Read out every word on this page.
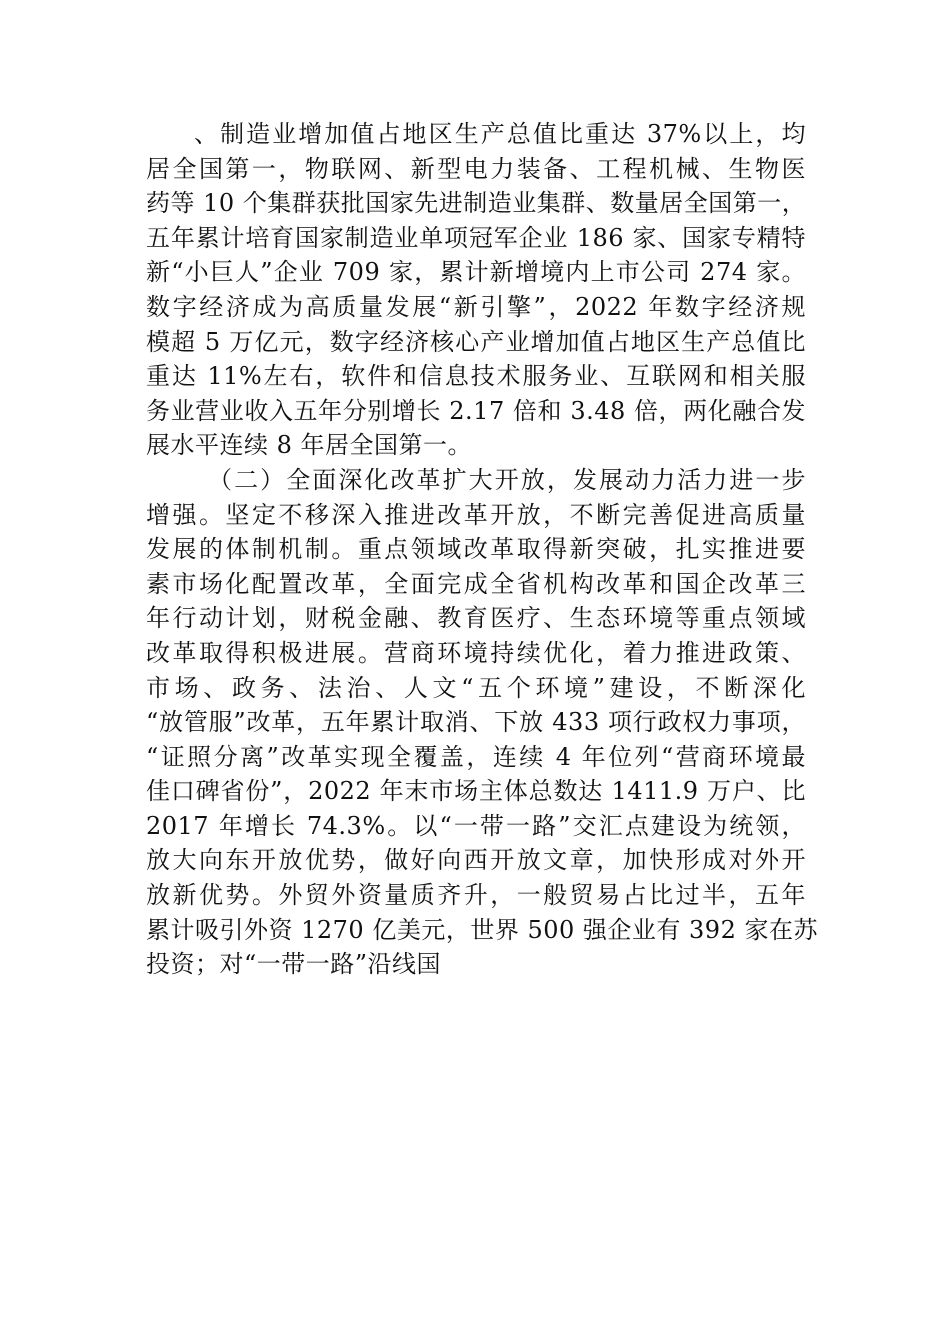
、制造业增加值占地区生产总值比重达 37%以上，均
居全国第一，物联网、新型电力装备、工程机械、生物医
药等 10 个集群获批国家先进制造业集群、数量居全国第一，
五年累计培育国家制造业单项冠军企业 186 家、国家专精特
新“小巨人”企业 709 家，累计新增境内上市公司 274 家。
数字经济成为高质量发展“新引擎”，2022 年数字经济规
模超 5 万亿元，数字经济核心产业增加值占地区生产总值比
重达 11%左右，软件和信息技术服务业、互联网和相关服
务业营业收入五年分别增长 2.17 倍和 3.48 倍，两化融合发
展水平连续 8 年居全国第一。
（二）全面深化改革扩大开放，发展动力活力进一步
增强。坚定不移深入推进改革开放，不断完善促进高质量
发展的体制机制。重点领域改革取得新突破，扎实推进要
素市场化配置改革，全面完成全省机构改革和国企改革三
年行动计划，财税金融、教育医疗、生态环境等重点领域
改革取得积极进展。营商环境持续优化，着力推进政策、
市场、政务、法治、人文“五个环境”建设，不断深化
“放管服”改革，五年累计取消、下放 433 项行政权力事项，
“证照分离”改革实现全覆盖，连续 4 年位列“营商环境最
佳口碑省份”，2022 年末市场主体总数达 1411.9 万户、比
2017 年增长 74.3%。以“一带一路”交汇点建设为统领，
放大向东开放优势，做好向西开放文章，加快形成对外开
放新优势。外贸外资量质齐升，一般贸易占比过半，五年
累计吸引外资 1270 亿美元，世界 500 强企业有 392 家在苏
投资；对“一带一路”沿线国
